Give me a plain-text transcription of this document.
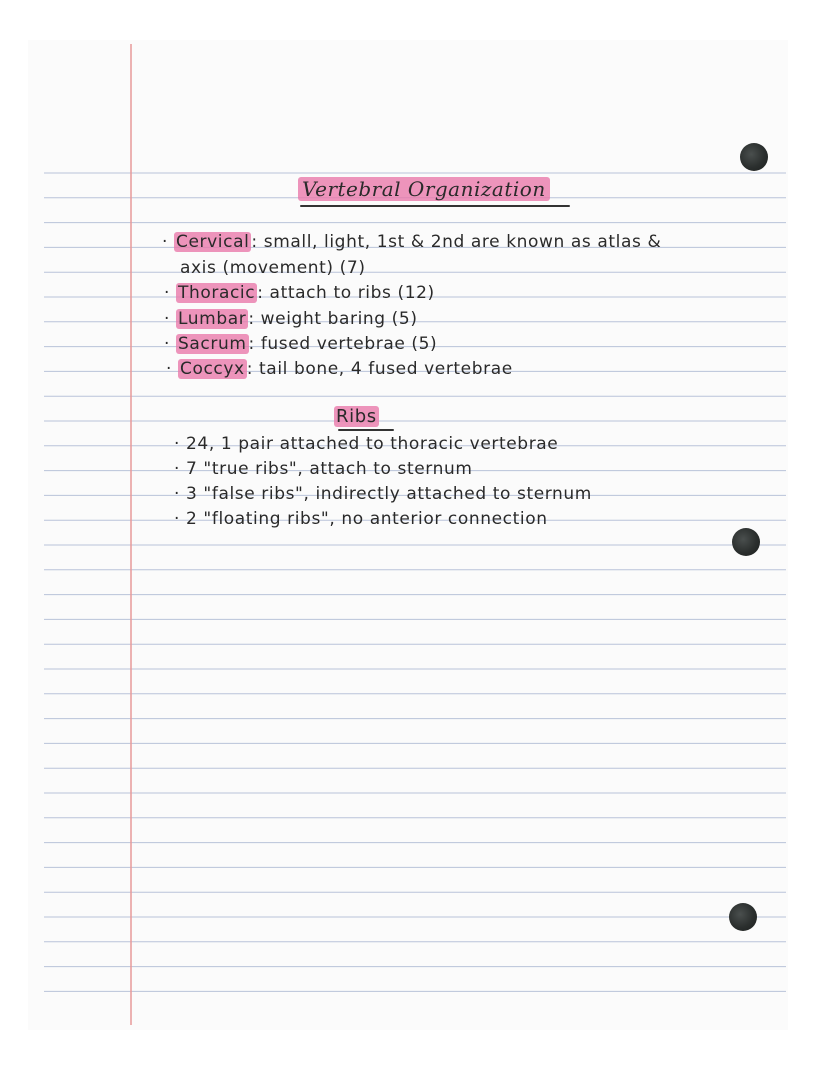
Vertebral Organization
· Cervical : small, light, 1st & 2nd are known as atlas &
axis (movement) (7)
· Thoracic : attach to ribs (12)
· Lumbar : weight baring (5)
· Sacrum : fused vertebrae (5)
· Coccyx : tail bone, 4 fused vertebrae
Ribs
· 24, 1 pair attached to thoracic vertebrae
· 7 "true ribs", attach to sternum
· 3 "false ribs", indirectly attached to sternum
· 2 "floating ribs", no anterior connection
